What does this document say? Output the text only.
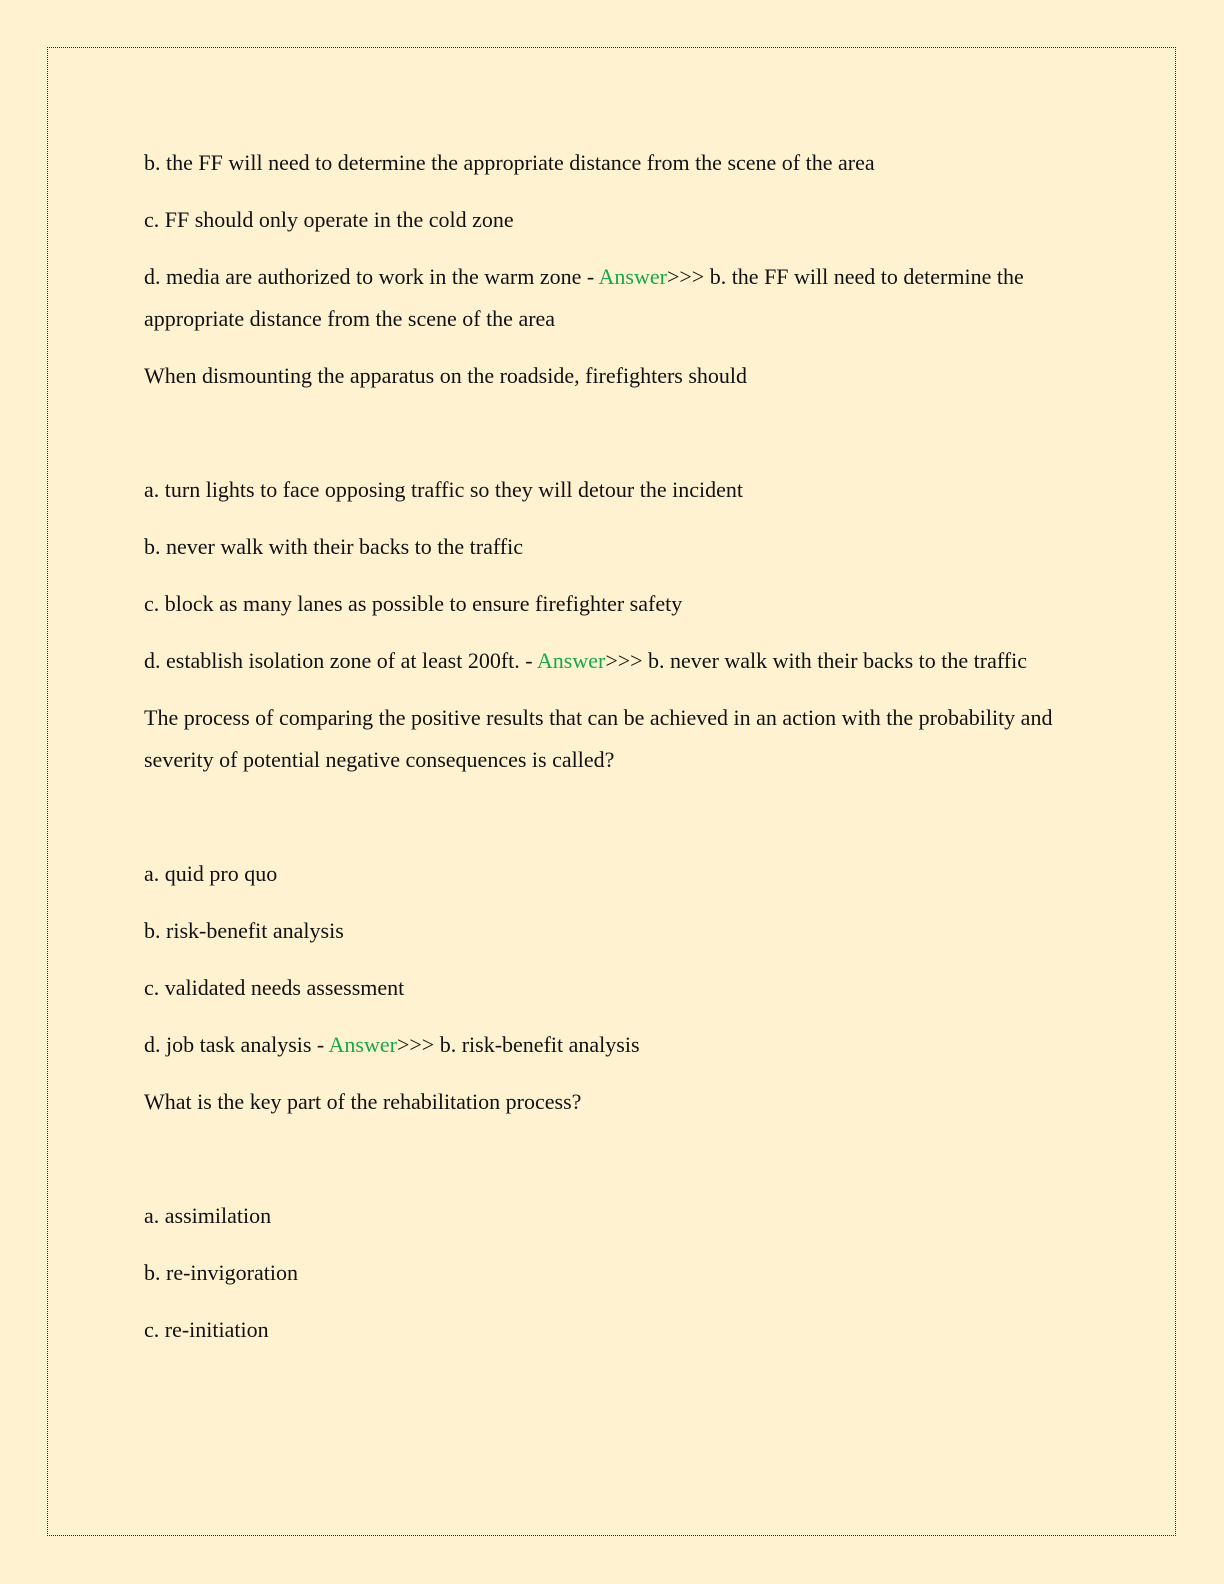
b. the FF will need to determine the appropriate distance from the scene of the area

c. FF should only operate in the cold zone

d. media are authorized to work in the warm zone - Answer>>> b. the FF will need to determine the appropriate distance from the scene of the area

When dismounting the apparatus on the roadside, firefighters should

a. turn lights to face opposing traffic so they will detour the incident

b. never walk with their backs to the traffic

c. block as many lanes as possible to ensure firefighter safety

d. establish isolation zone of at least 200ft. - Answer>>> b. never walk with their backs to the traffic

The process of comparing the positive results that can be achieved in an action with the probability and severity of potential negative consequences is called?

a. quid pro quo

b. risk-benefit analysis

c. validated needs assessment

d. job task analysis - Answer>>> b. risk-benefit analysis

What is the key part of the rehabilitation process?

a. assimilation

b. re-invigoration

c. re-initiation
